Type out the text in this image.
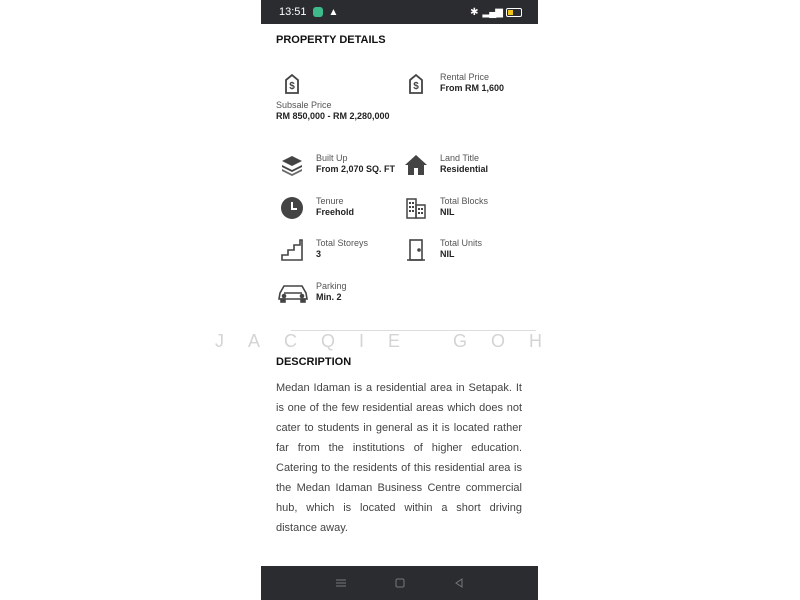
13:51 ▲	✱ ▂▄▆
PROPERTY DETAILS
$
Subsale Price
RM 850,000 - RM 2,280,000
$
Rental Price
From RM 1,600
Built Up
From 2,070 SQ. FT
Land Title
Residential
Tenure
Freehold
Total Blocks
NIL
Total Storeys
3
Total Units
NIL
Parking
Min. 2
JACQIE GOH
DESCRIPTION
Medan Idaman is a residential area in Setapak. It is one of the few residential areas which does not cater to students in general as it is located rather far from the institutions of higher education. Catering to the residents of this residential area is the Medan Idaman Business Centre commercial hub, which is located within a short driving distance away.
